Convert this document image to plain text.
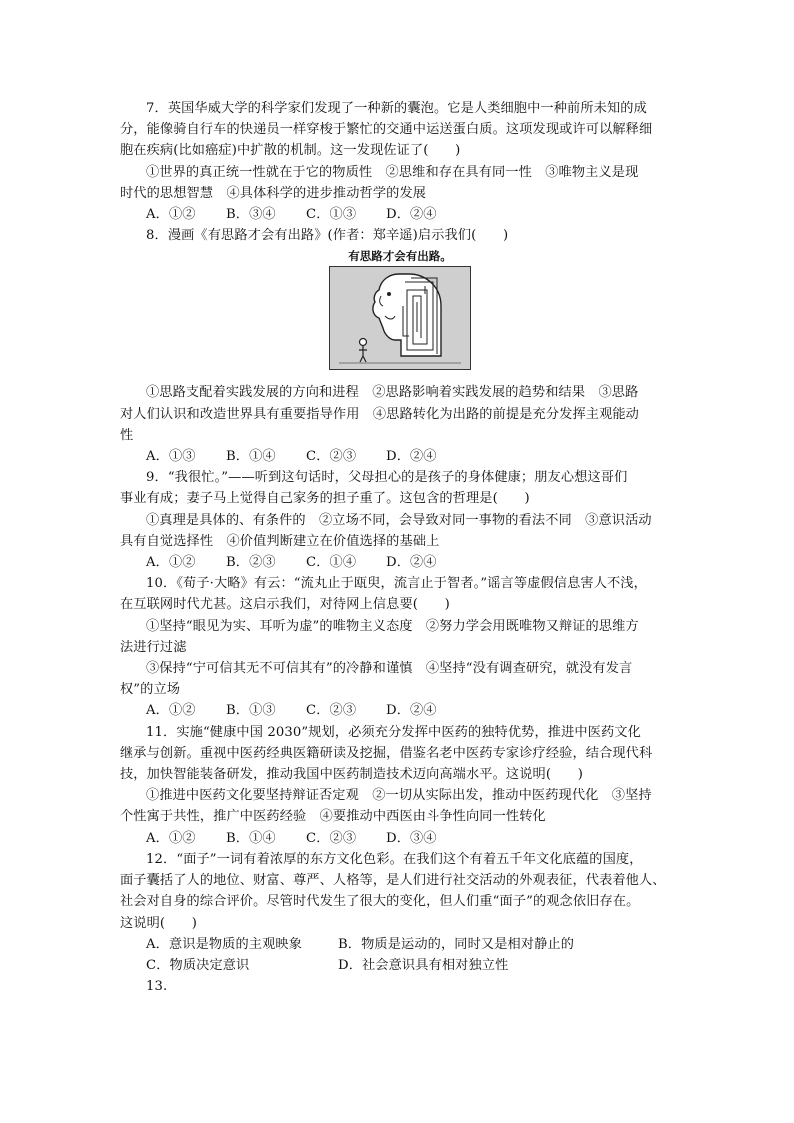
7．英国华威大学的科学家们发现了一种新的囊泡。它是人类细胞中一种前所未知的成
分，能像骑自行车的快递员一样穿梭于繁忙的交通中运送蛋白质。这项发现或许可以解释细
胞在疾病(比如癌症)中扩散的机制。这一发现佐证了(　　)
①世界的真正统一性就在于它的物质性　②思维和存在具有同一性　③唯物主义是现
时代的思想智慧　④具体科学的进步推动哲学的发展
A．①② B．③④ C．①③ D．②④
8．漫画《有思路才会有出路》(作者：郑辛遥)启示我们(　　)
有思路才会有出路。
①思路支配着实践发展的方向和进程　②思路影响着实践发展的趋势和结果　③思路
对人们认识和改造世界具有重要指导作用　④思路转化为出路的前提是充分发挥主观能动
性
A．①③ B．①④ C．②③ D．②④
9．“我很忙。”——听到这句话时，父母担心的是孩子的身体健康；朋友心想这哥们
事业有成；妻子马上觉得自己家务的担子重了。这包含的哲理是(　　)
①真理是具体的、有条件的　②立场不同，会导致对同一事物的看法不同　③意识活动
具有自觉选择性　④价值判断建立在价值选择的基础上
A．①② B．②③ C．①④ D．②④
10．《荀子·大略》有云：“流丸止于瓯臾，流言止于智者。”谣言等虚假信息害人不浅，
在互联网时代尤甚。这启示我们，对待网上信息要(　　)
①坚持“眼见为实、耳听为虚”的唯物主义态度　②努力学会用既唯物又辩证的思维方
法进行过滤
③保持“宁可信其无不可信其有”的冷静和谨慎　④坚持“没有调查研究，就没有发言
权”的立场
A．①② B．①③ C．②③ D．②④
11．实施“健康中国 2030”规划，必须充分发挥中医药的独特优势，推进中医药文化
继承与创新。重视中医药经典医籍研读及挖掘，借鉴名老中医药专家诊疗经验，结合现代科
技，加快智能装备研发，推动我国中医药制造技术迈向高端水平。这说明(　　)
①推进中医药文化要坚持辩证否定观　②一切从实际出发，推动中医药现代化　③坚持
个性寓于共性，推广中医药经验　④要推动中西医由斗争性向同一性转化
A．①② B．①④ C．②③ D．③④
12．“面子”一词有着浓厚的东方文化色彩。在我们这个有着五千年文化底蕴的国度，
面子囊括了人的地位、财富、尊严、人格等，是人们进行社交活动的外观表征，代表着他人、
社会对自身的综合评价。尽管时代发生了很大的变化，但人们重“面子”的观念依旧存在。
这说明(　　)
A．意识是物质的主观映象	B．物质是运动的，同时又是相对静止的
C．物质决定意识	D．社会意识具有相对独立性
13.
